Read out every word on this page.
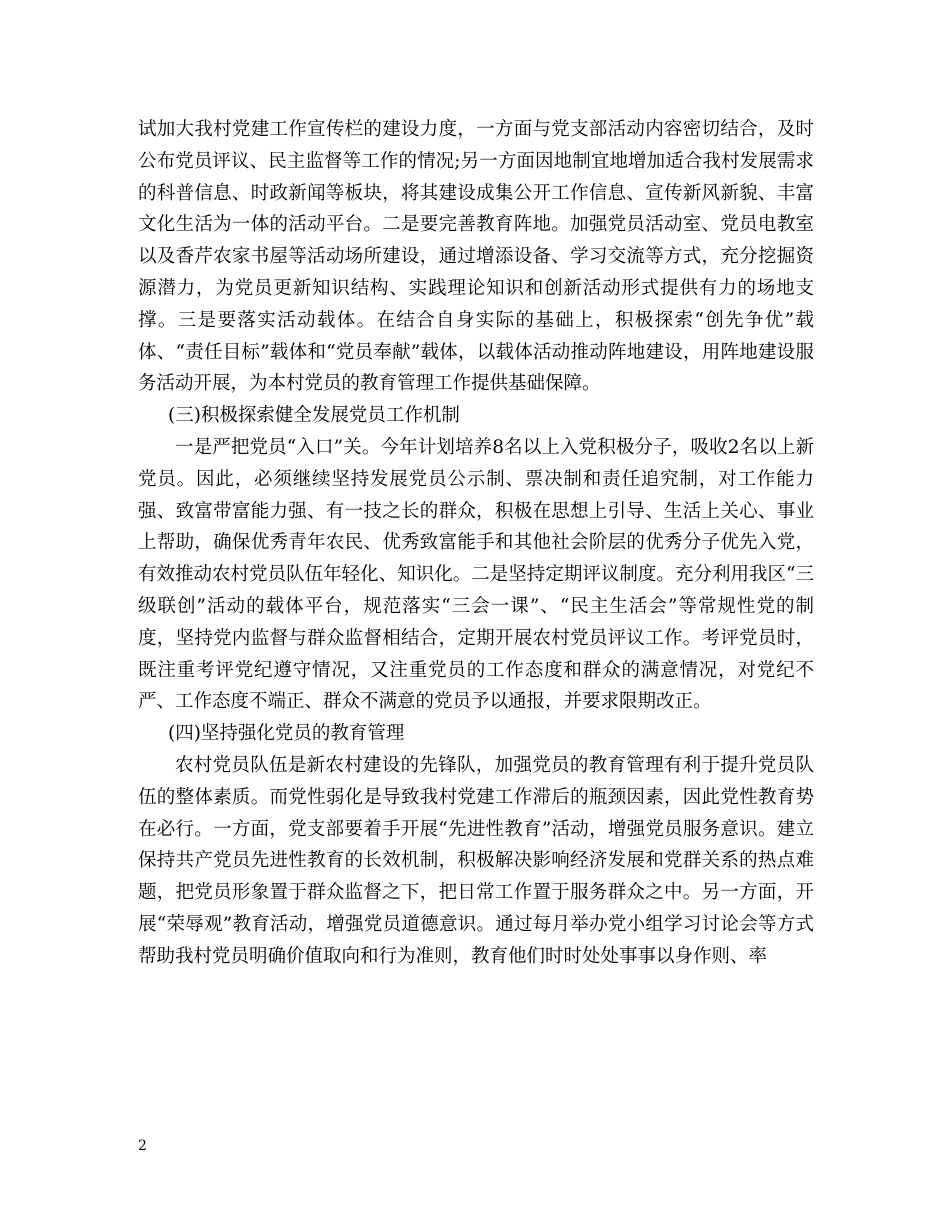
试加大我村党建工作宣传栏的建设力度，一方面与党支部活动内容密切结合，及时公布党员评议、民主监督等工作的情况;另一方面因地制宜地增加适合我村发展需求的科普信息、时政新闻等板块，将其建设成集公开工作信息、宣传新风新貌、丰富文化生活为一体的活动平台。二是要完善教育阵地。加强党员活动室、党员电教室以及香芹农家书屋等活动场所建设，通过增添设备、学习交流等方式，充分挖掘资源潜力，为党员更新知识结构、实践理论知识和创新活动形式提供有力的场地支撑。三是要落实活动载体。在结合自身实际的基础上，积极探索“创先争优”载体、“责任目标”载体和“党员奉献”载体，以载体活动推动阵地建设，用阵地建设服务活动开展，为本村党员的教育管理工作提供基础保障。

(三)积极探索健全发展党员工作机制

一是严把党员“入口”关。今年计划培养8名以上入党积极分子，吸收2名以上新党员。因此，必须继续坚持发展党员公示制、票决制和责任追究制，对工作能力强、致富带富能力强、有一技之长的群众，积极在思想上引导、生活上关心、事业上帮助，确保优秀青年农民、优秀致富能手和其他社会阶层的优秀分子优先入党，有效推动农村党员队伍年轻化、知识化。二是坚持定期评议制度。充分利用我区“三级联创”活动的载体平台，规范落实“三会一课”、“民主生活会”等常规性党的制度，坚持党内监督与群众监督相结合，定期开展农村党员评议工作。考评党员时，既注重考评党纪遵守情况，又注重党员的工作态度和群众的满意情况，对党纪不严、工作态度不端正、群众不满意的党员予以通报，并要求限期改正。

(四)坚持强化党员的教育管理

农村党员队伍是新农村建设的先锋队，加强党员的教育管理有利于提升党员队伍的整体素质。而党性弱化是导致我村党建工作滞后的瓶颈因素，因此党性教育势在必行。一方面，党支部要着手开展“先进性教育”活动，增强党员服务意识。建立保持共产党员先进性教育的长效机制，积极解决影响经济发展和党群关系的热点难题，把党员形象置于群众监督之下，把日常工作置于服务群众之中。另一方面，开展“荣辱观”教育活动，增强党员道德意识。通过每月举办党小组学习讨论会等方式帮助我村党员明确价值取向和行为准则，教育他们时时处处事事以身作则、率

2
